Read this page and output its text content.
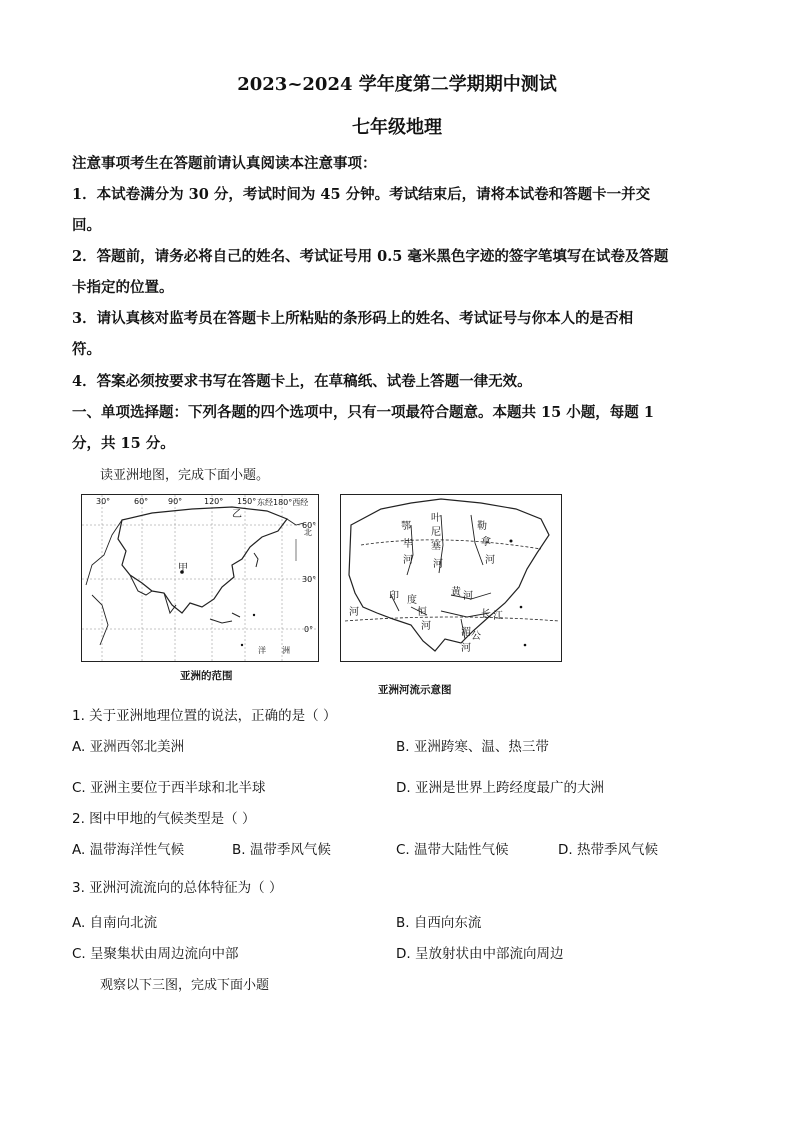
2023~2024 学年度第二学期期中测试
七年级地理
注意事项考生在答题前请认真阅读本注意事项：
1．本试卷满分为 30 分，考试时间为 45 分钟。考试结束后，请将本试卷和答题卡一并交
回。
2．答题前，请务必将自己的姓名、考试证号用 0.5 毫米黑色字迹的签字笔填写在试卷及答题
卡指定的位置。
3．请认真核对监考员在答题卡上所粘贴的条形码上的姓名、考试证号与你本人的是否相
符。
4．答案必须按要求书写在答题卡上，在草稿纸、试卷上答题一律无效。
一、单项选择题：下列各题的四个选项中，只有一项最符合题意。本题共 15 小题，每题 1
分，共 15 分。
读亚洲地图，完成下面小题。
30°	60° 90°	120° 150° 东经180°西经
60°
30°
0°
乙
甲
北
洋 洲
亚洲的范围
鄂
毕
河
叶
尼
塞
河
勒
拿
河
黄 河
长 江
印 度
恒
河
河
湄 公
河
亚洲河流示意图
1. 关于亚洲地理位置的说法，正确的是（ ）
A. 亚洲西邻北美洲	B. 亚洲跨寒、温、热三带
C. 亚洲主要位于西半球和北半球	D. 亚洲是世界上跨经度最广的大洲
2. 图中甲地的气候类型是（ ）
A. 温带海洋性气候	B. 温带季风气候	C. 温带大陆性气候	D. 热带季风气候
3. 亚洲河流流向的总体特征为（ ）
A. 自南向北流	B. 自西向东流
C. 呈聚集状由周边流向中部	D. 呈放射状由中部流向周边
观察以下三图，完成下面小题
